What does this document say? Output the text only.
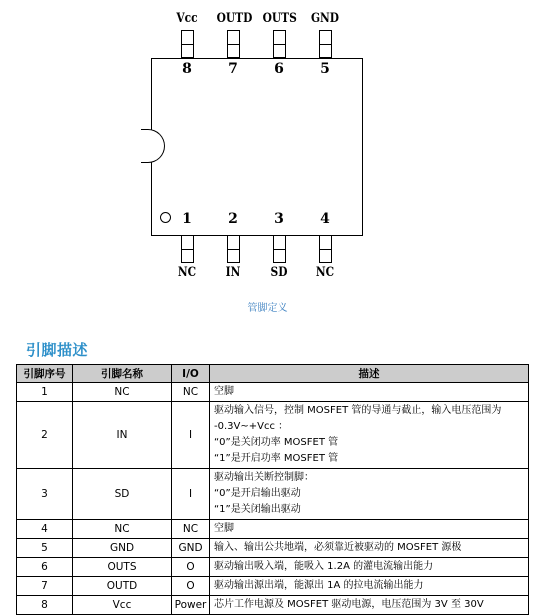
Vcc	OUTD OUTS GND
8	7	6	5
1	2	3	4
NC	IN	SD	NC
管脚定义
引脚描述
引脚序号	引脚名称	I/O	描述
1	NC	NC	空脚

2	IN	I	驱动输入信号，控制 MOSFET 管的导通与截止，输入电压范围为
-0.3V~+Vcc ：
“0”是关闭功率 MOSFET 管
“1”是开启功率 MOSFET 管

3	SD	I	驱动输出关断控制脚：
“0”是开启输出驱动
“1”是关闭输出驱动

4	NC	NC	空脚

5	GND	GND	输入、输出公共地端，必须靠近被驱动的 MOSFET 源极

6	OUTS	O	驱动输出吸入端，能吸入 1.2A 的灌电流输出能力

7	OUTD	O	驱动输出源出端，能源出 1A 的拉电流输出能力

8	Vcc	Power	芯片工作电源及 MOSFET 驱动电源，电压范围为 3V 至 30V
